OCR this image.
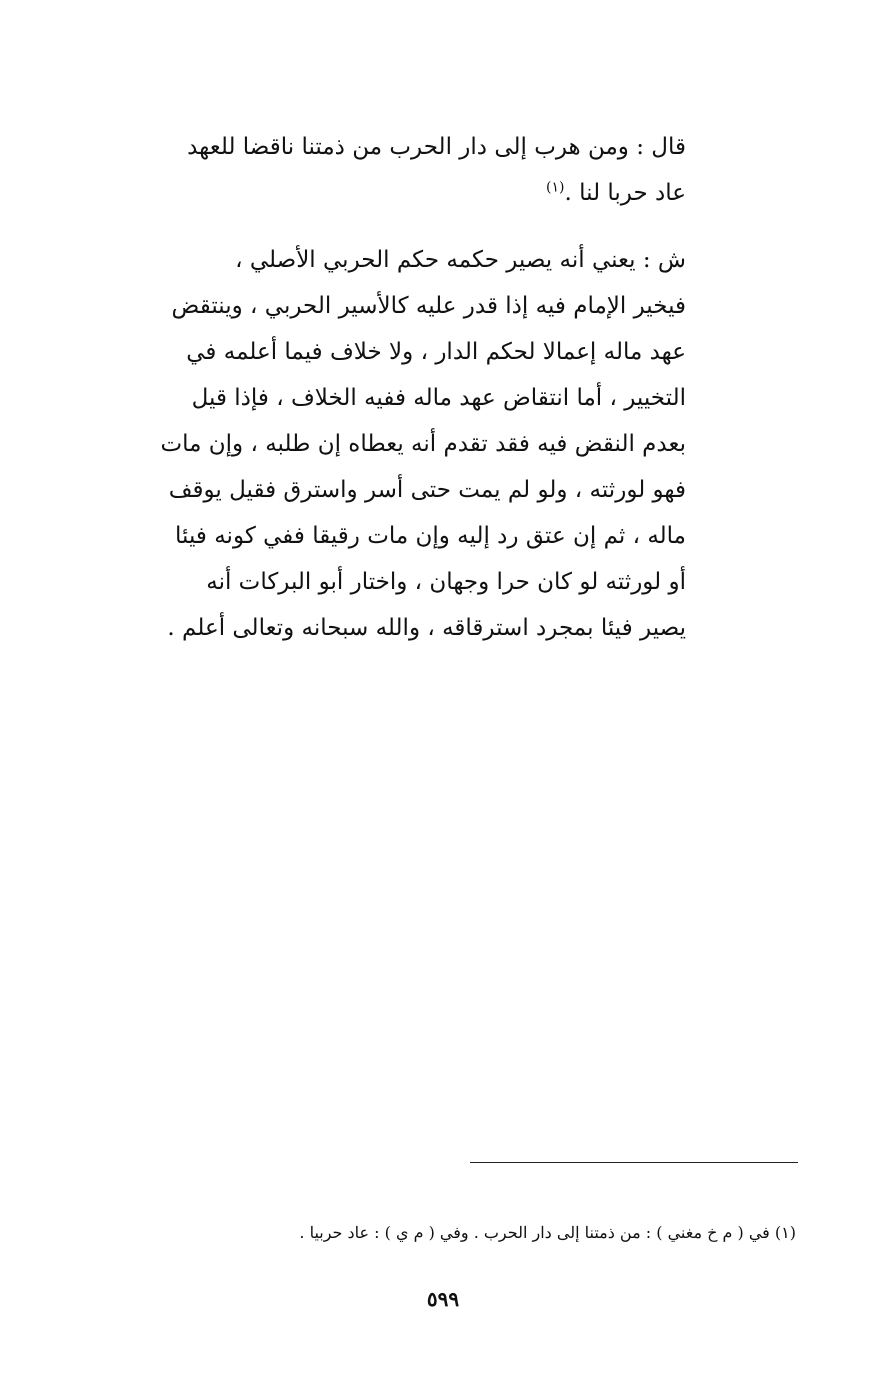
قال : ومن هرب إلى دار الحرب من ذمتنا ناقضا للعهد
عاد حربا لنا .$^{(١)}$
ش : يعني أنه يصير حكمه حكم الحربي الأصلي ،
فيخير الإمام فيه إذا قدر عليه كالأسير الحربي ، وينتقض
عهد ماله إعمالا لحكم الدار ، ولا خلاف فيما أعلمه في
التخيير ، أما انتقاض عهد ماله ففيه الخلاف ، فإذا قيل
بعدم النقض فيه فقد تقدم أنه يعطاه إن طلبه ، وإن مات
فهو لورثته ، ولو لم يمت حتى أسر واسترق فقيل يوقف
ماله ، ثم إن عتق رد إليه وإن مات رقيقا ففي كونه فيئا
أو لورثته لو كان حرا وجهان ، واختار أبو البركات أنه
يصير فيئا بمجرد استرقاقه ، والله سبحانه وتعالى أعلم .
(١) في ( م خ مغني ) : من ذمتنا إلى دار الحرب . وفي ( م ي ) : عاد حربيا .
٥٩٩
